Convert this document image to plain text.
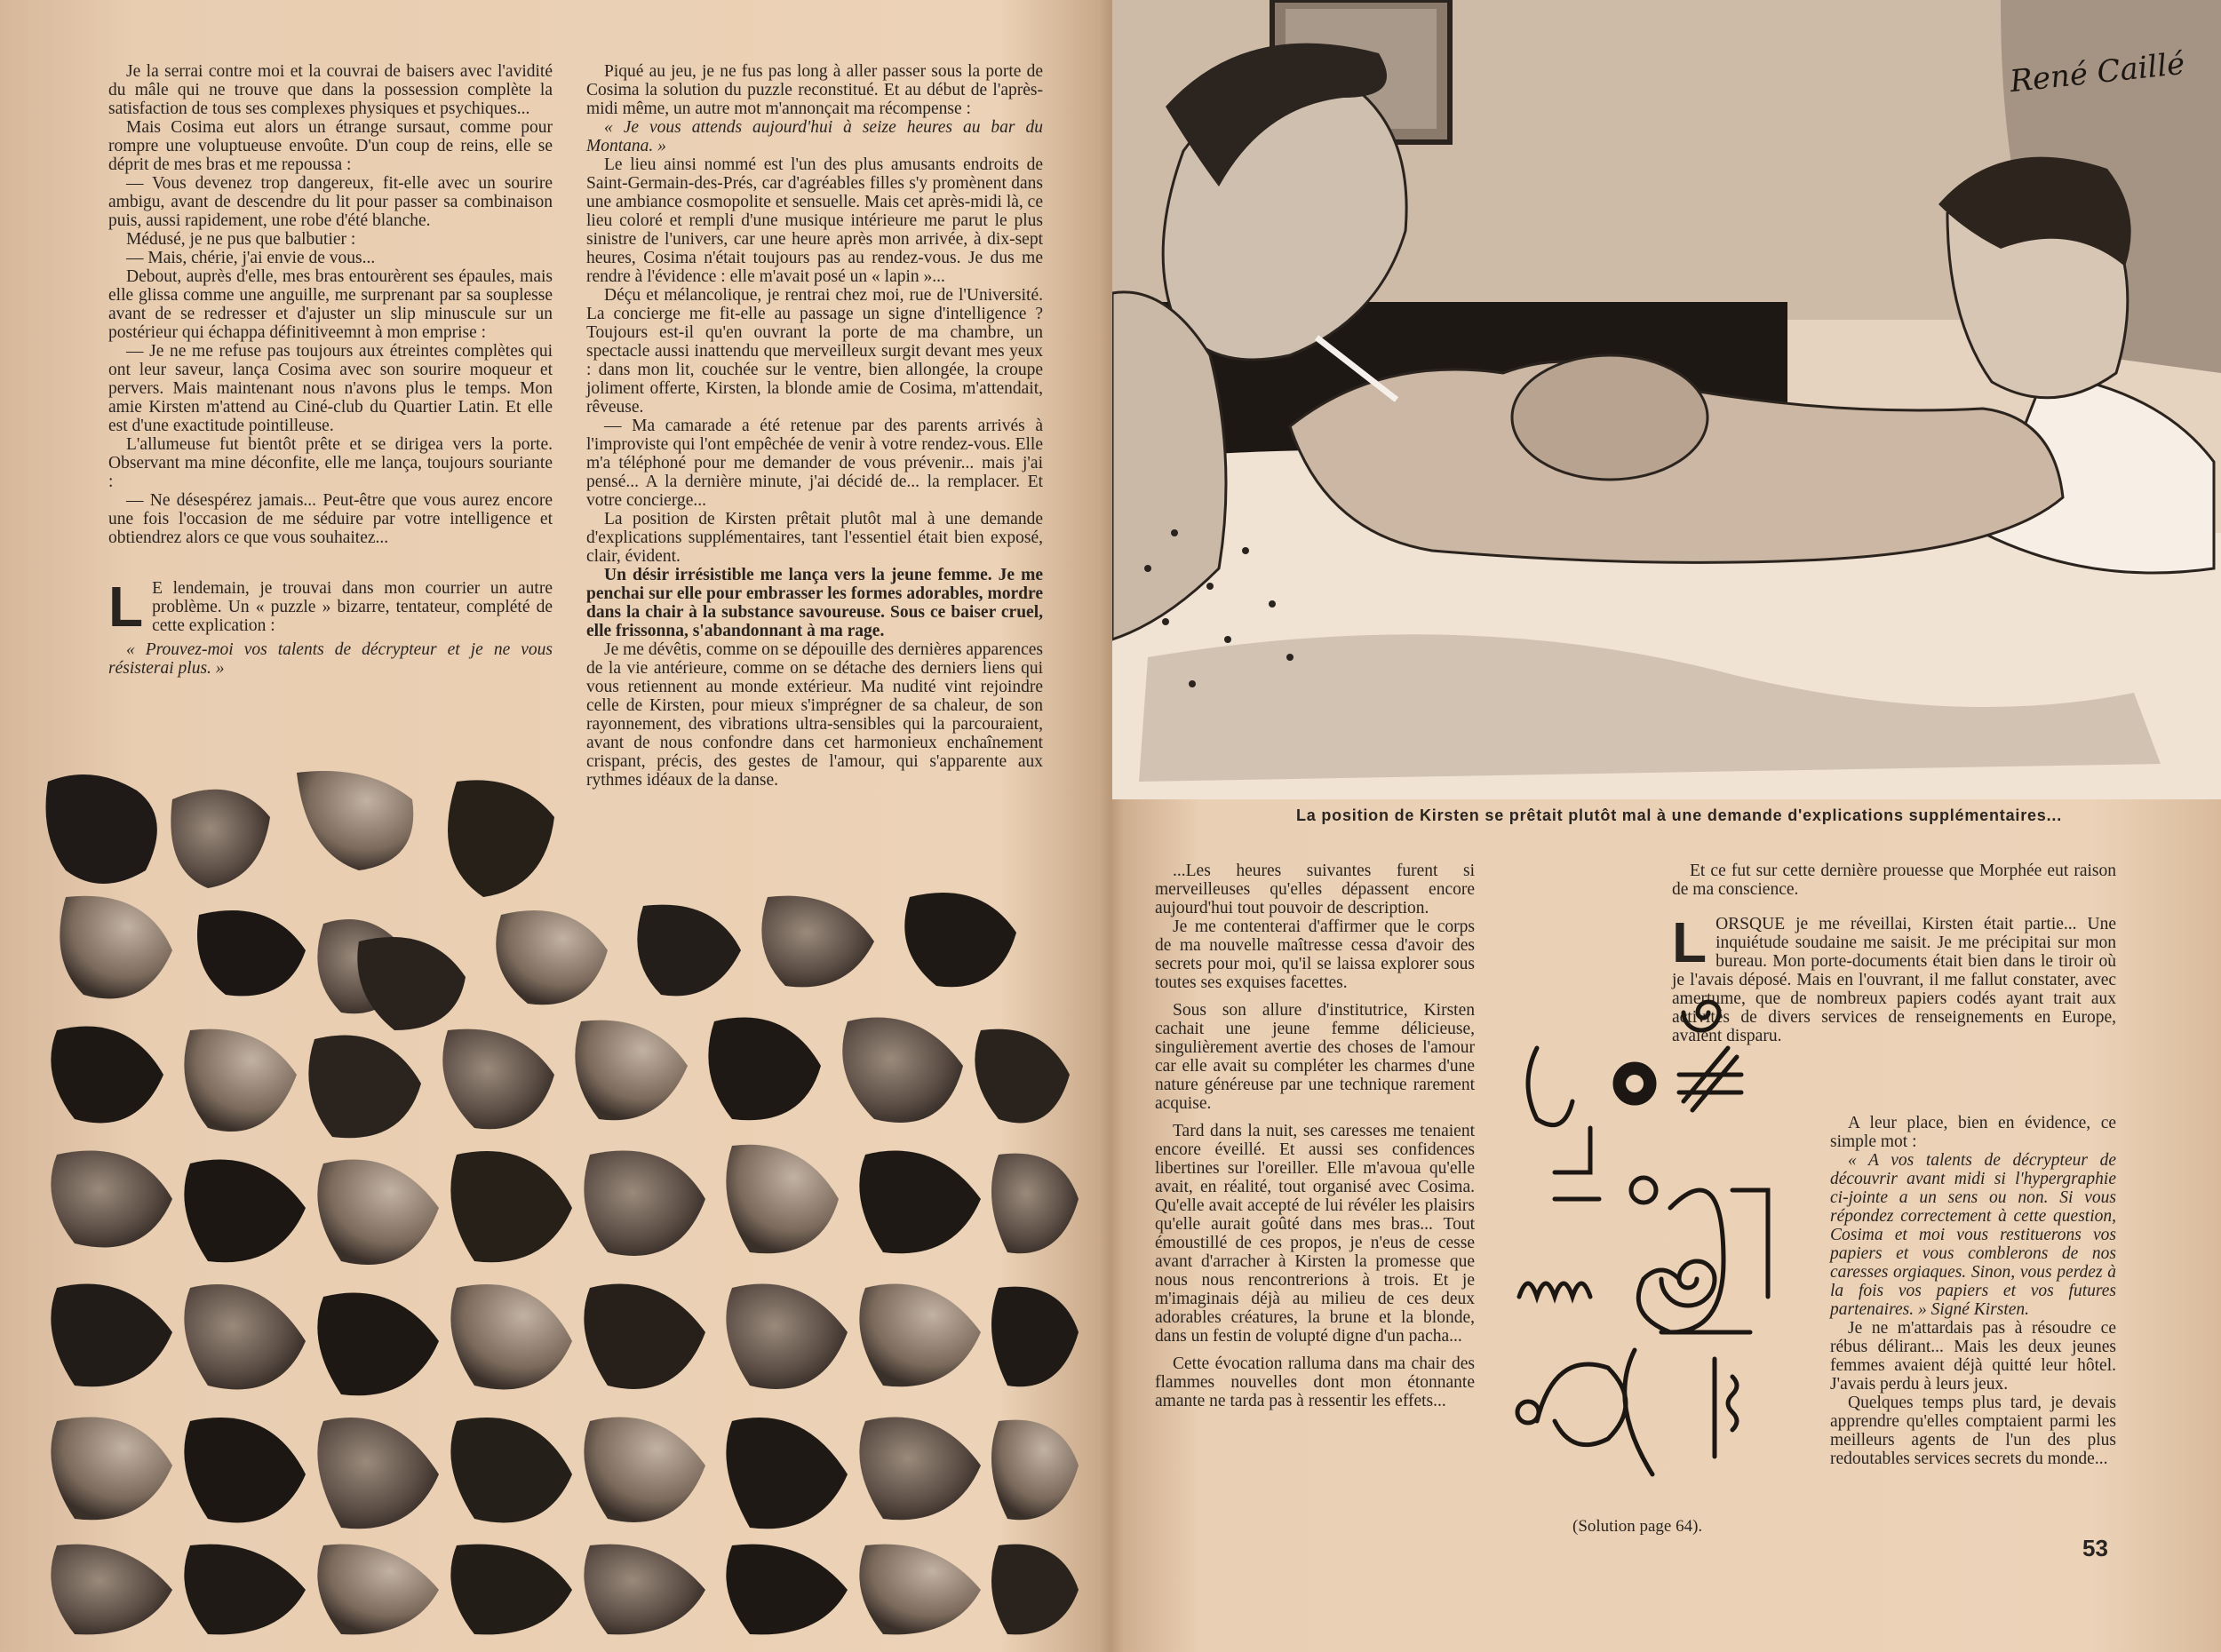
Je la serrai contre moi et la couvrai de baisers avec l'avidité du mâle qui ne trouve que dans la possession complète la satisfaction de tous ses complexes physiques et psychiques...

Mais Cosima eut alors un étrange sursaut, comme pour rompre une voluptueuse envoûte. D'un coup de reins, elle se déprit de mes bras et me repoussa :

— Vous devenez trop dangereux, fit-elle avec un sourire ambigu, avant de descendre du lit pour passer sa combinaison puis, aussi rapidement, une robe d'été blanche.

Médusé, je ne pus que balbutier :

— Mais, chérie, j'ai envie de vous...

Debout, auprès d'elle, mes bras entourèrent ses épaules, mais elle glissa comme une anguille, me surprenant par sa souplesse avant de se redresser et d'ajuster un slip minuscule sur un postérieur qui échappa définitiveemnt à mon emprise :

— Je ne me refuse pas toujours aux étreintes complètes qui ont leur saveur, lança Cosima avec son sourire moqueur et pervers. Mais maintenant nous n'avons plus le temps. Mon amie Kirsten m'attend au Ciné-club du Quartier Latin. Et elle est d'une exactitude pointilleuse.

L'allumeuse fut bientôt prête et se dirigea vers la porte. Observant ma mine déconfite, elle me lança, toujours souriante :

— Ne désespérez jamais... Peut-être que vous aurez encore une fois l'occasion de me séduire par votre intelligence et obtiendrez alors ce que vous souhaitez...

L E lendemain, je trouvai dans mon courrier un autre problème. Un « puzzle » bizarre, tentateur, complété de cette explication :

« Prouvez-moi vos talents de décrypteur et je ne vous résisterai plus. »

Piqué au jeu, je ne fus pas long à aller passer sous la porte de Cosima la solution du puzzle reconstitué. Et au début de l'après-midi même, un autre mot m'annonçait ma récompense :

« Je vous attends aujourd'hui à seize heures au bar du Montana. »

Le lieu ainsi nommé est l'un des plus amusants endroits de Saint-Germain-des-Prés, car d'agréables filles s'y promènent dans une ambiance cosmopolite et sensuelle. Mais cet après-midi là, ce lieu coloré et rempli d'une musique intérieure me parut le plus sinistre de l'univers, car une heure après mon arrivée, à dix-sept heures, Cosima n'était toujours pas au rendez-vous. Je dus me rendre à l'évidence : elle m'avait posé un « lapin »...

Déçu et mélancolique, je rentrai chez moi, rue de l'Université. La concierge me fit-elle au passage un signe d'intelligence ? Toujours est-il qu'en ouvrant la porte de ma chambre, un spectacle aussi inattendu que merveilleux surgit devant mes yeux : dans mon lit, couchée sur le ventre, bien allongée, la croupe joliment offerte, Kirsten, la blonde amie de Cosima, m'attendait, rêveuse.

— Ma camarade a été retenue par des parents arrivés à l'improviste qui l'ont empêchée de venir à votre rendez-vous. Elle m'a téléphoné pour me demander de vous prévenir... mais j'ai pensé... A la dernière minute, j'ai décidé de... la remplacer. Et votre concierge...

La position de Kirsten prêtait plutôt mal à une demande d'explications supplémentaires, tant l'essentiel était bien exposé, clair, évident.

Un désir irrésistible me lança vers la jeune femme. Je me penchai sur elle pour embrasser les formes adorables, mordre dans la chair à la substance savoureuse. Sous ce baiser cruel, elle frissonna, s'abandonnant à ma rage.

Je me dévêtis, comme on se dépouille des dernières apparences de la vie antérieure, comme on se détache des derniers liens qui vous retiennent au monde extérieur. Ma nudité vint rejoindre celle de Kirsten, pour mieux s'imprégner de sa chaleur, de son rayonnement, des vibrations ultra-sensibles qui la parcouraient, avant de nous confondre dans cet harmonieux enchaînement crispant, précis, des gestes de l'amour, qui s'apparente aux rythmes idéaux de la danse.

René Caillé
La position de Kirsten se prêtait plutôt mal à une demande d'explications supplémentaires...

...Les heures suivantes furent si merveilleuses qu'elles dépassent encore aujourd'hui tout pouvoir de description.

Je me contenterai d'affirmer que le corps de ma nouvelle maîtresse cessa d'avoir des secrets pour moi, qu'il se laissa explorer sous toutes ses exquises facettes.

Sous son allure d'institutrice, Kirsten cachait une jeune femme délicieuse, singulièrement avertie des choses de l'amour car elle avait su compléter les charmes d'une nature généreuse par une technique rarement acquise.

Tard dans la nuit, ses caresses me tenaient encore éveillé. Et aussi ses confidences libertines sur l'oreiller. Elle m'avoua qu'elle avait, en réalité, tout organisé avec Cosima. Qu'elle avait accepté de lui révéler les plaisirs qu'elle aurait goûté dans mes bras... Tout émoustillé de ces propos, je n'eus de cesse avant d'arracher à Kirsten la promesse que nous nous rencontrerions à trois. Et je m'imaginais déjà au milieu de ces deux adorables créatures, la brune et la blonde, dans un festin de volupté digne d'un pacha...

Cette évocation ralluma dans ma chair des flammes nouvelles dont mon étonnante amante ne tarda pas à ressentir les effets...

Et ce fut sur cette dernière prouesse que Morphée eut raison de ma conscience.

L ORSQUE je me réveillai, Kirsten était partie... Une inquiétude soudaine me saisit. Je me précipitai sur mon bureau. Mon porte-documents était bien dans le tiroir où je l'avais déposé. Mais en l'ouvrant, il me fallut constater, avec amertume, que de nombreux papiers codés ayant trait aux activités de divers services de renseignements en Europe, avaient disparu.

A leur place, bien en évidence, ce simple mot :

« A vos talents de décrypteur de découvrir avant midi si l'hypergraphie ci-jointe a un sens ou non. Si vous répondez correctement à cette question, Cosima et moi vous restituerons vos papiers et vous comblerons de nos caresses orgiaques. Sinon, vous perdez à la fois vos papiers et vos futures partenaires. » Signé Kirsten.

Je ne m'attardais pas à résoudre ce rébus délirant... Mais les deux jeunes femmes avaient déjà quitté leur hôtel. J'avais perdu à leurs jeux.

Quelques temps plus tard, je devais apprendre qu'elles comptaient parmi les meilleurs agents de l'un des plus redoutables services secrets du monde...

(Solution page 64).
53
